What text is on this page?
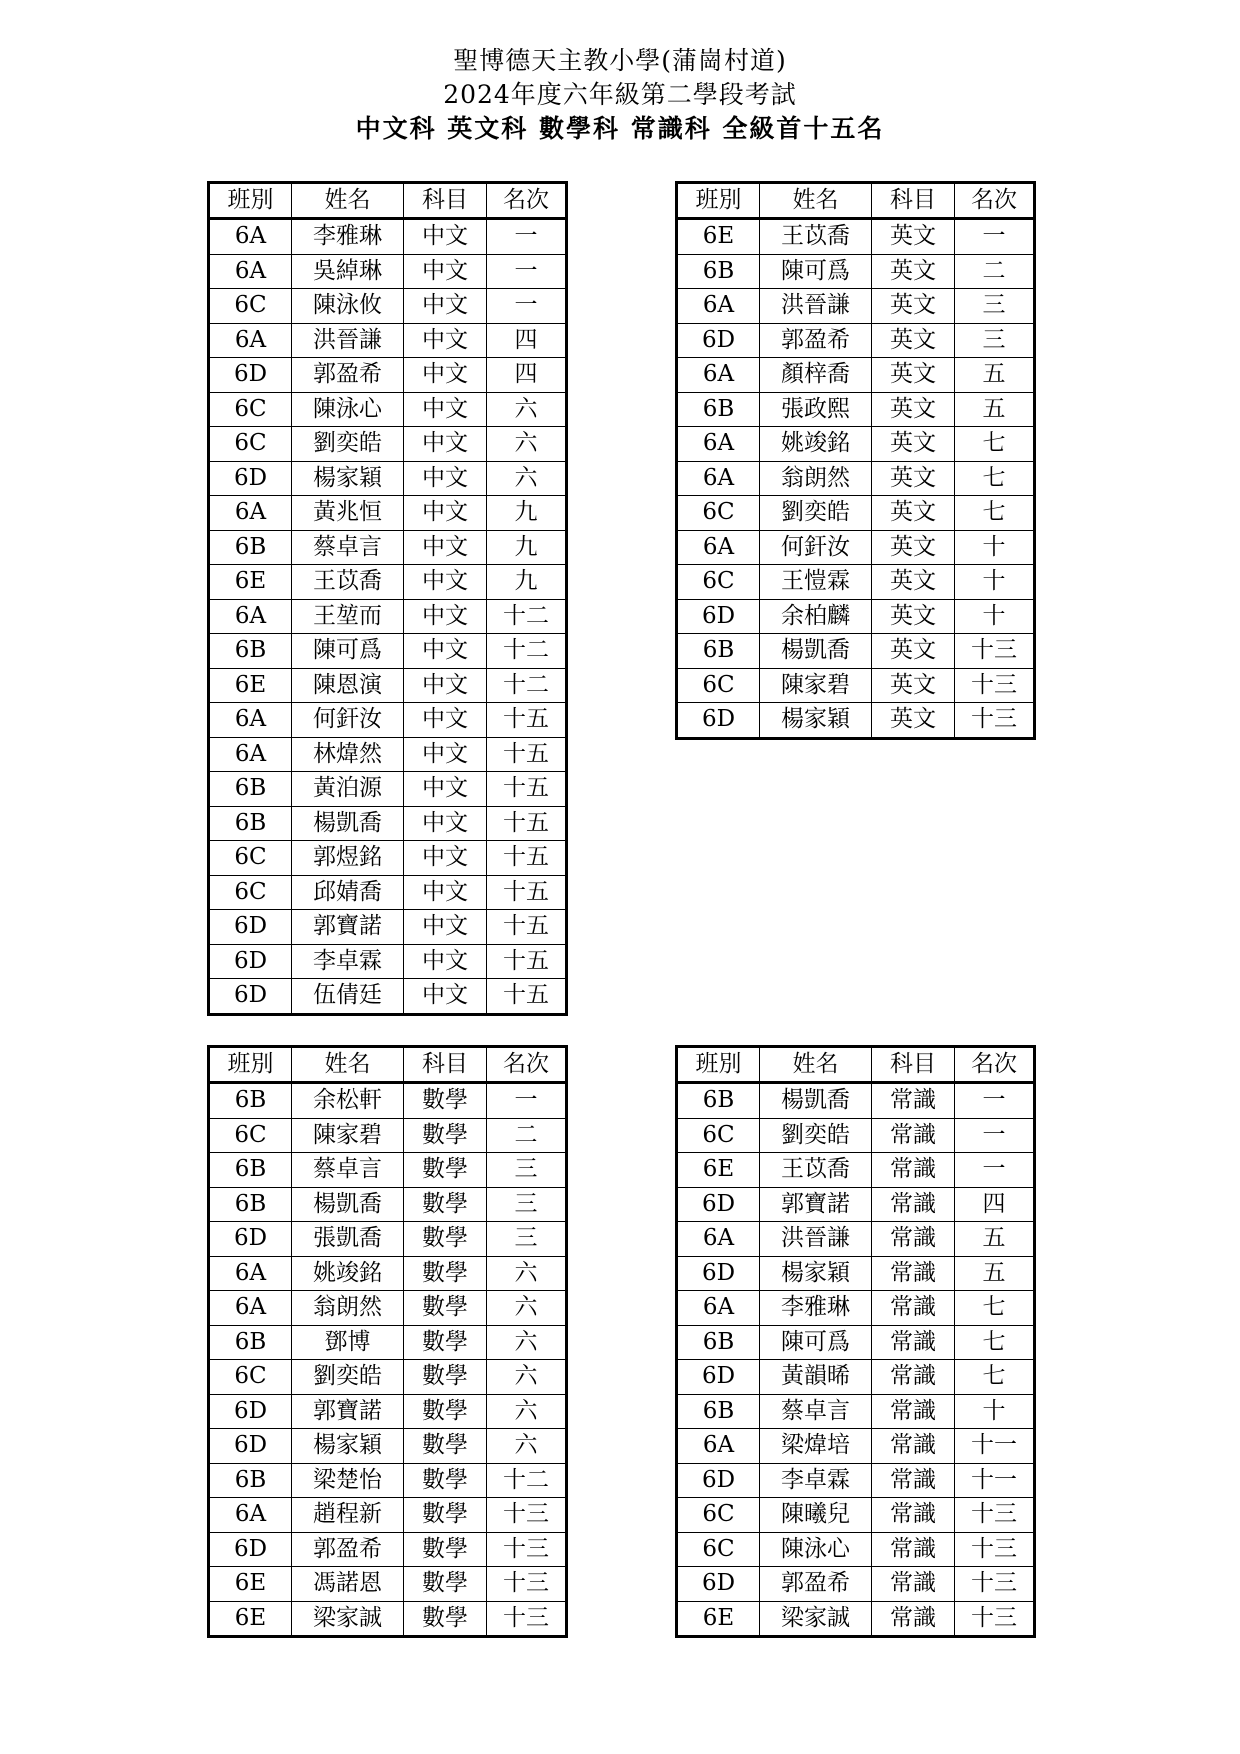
聖博德天主教小學(蒲崗村道)
2024年度六年級第二學段考試
中文科 英文科 數學科 常識科 全級首十五名
班別	姓名	科目	名次
6A	李雅琳	中文	一
6A	吳綽琳	中文	一
6C	陳泳攸	中文	一
6A	洪晉謙	中文	四
6D	郭盈希	中文	四
6C	陳泳心	中文	六
6C	劉奕皓	中文	六
6D	楊家穎	中文	六
6A	黃兆恒	中文	九
6B	蔡卓言	中文	九
6E	王苡喬	中文	九
6A	王堃而	中文	十二
6B	陳可爲	中文	十二
6E	陳恩演	中文	十二
6A	何釬汝	中文	十五
6A	林煒然	中文	十五
6B	黃泊源	中文	十五
6B	楊凱喬	中文	十五
6C	郭煜銘	中文	十五
6C	邱婧喬	中文	十五
6D	郭寶諾	中文	十五
6D	李卓霖	中文	十五
6D	伍倩廷	中文	十五
班別	姓名	科目	名次
6E	王苡喬	英文	一
6B	陳可爲	英文	二
6A	洪晉謙	英文	三
6D	郭盈希	英文	三
6A	顏梓喬	英文	五
6B	張政熙	英文	五
6A	姚竣銘	英文	七
6A	翁朗然	英文	七
6C	劉奕皓	英文	七
6A	何釬汝	英文	十
6C	王愷霖	英文	十
6D	余柏麟	英文	十
6B	楊凱喬	英文	十三
6C	陳家碧	英文	十三
6D	楊家穎	英文	十三
班別	姓名	科目	名次
6B	余松軒	數學	一
6C	陳家碧	數學	二
6B	蔡卓言	數學	三
6B	楊凱喬	數學	三
6D	張凱喬	數學	三
6A	姚竣銘	數學	六
6A	翁朗然	數學	六
6B	鄧博	數學	六
6C	劉奕皓	數學	六
6D	郭寶諾	數學	六
6D	楊家穎	數學	六
6B	梁楚怡	數學	十二
6A	趙程新	數學	十三
6D	郭盈希	數學	十三
6E	馮諾恩	數學	十三
6E	梁家誠	數學	十三
班別	姓名	科目	名次
6B	楊凱喬	常識	一
6C	劉奕皓	常識	一
6E	王苡喬	常識	一
6D	郭寶諾	常識	四
6A	洪晉謙	常識	五
6D	楊家穎	常識	五
6A	李雅琳	常識	七
6B	陳可爲	常識	七
6D	黃韻晞	常識	七
6B	蔡卓言	常識	十
6A	梁煒培	常識	十一
6D	李卓霖	常識	十一
6C	陳曦兒	常識	十三
6C	陳泳心	常識	十三
6D	郭盈希	常識	十三
6E	梁家誠	常識	十三
